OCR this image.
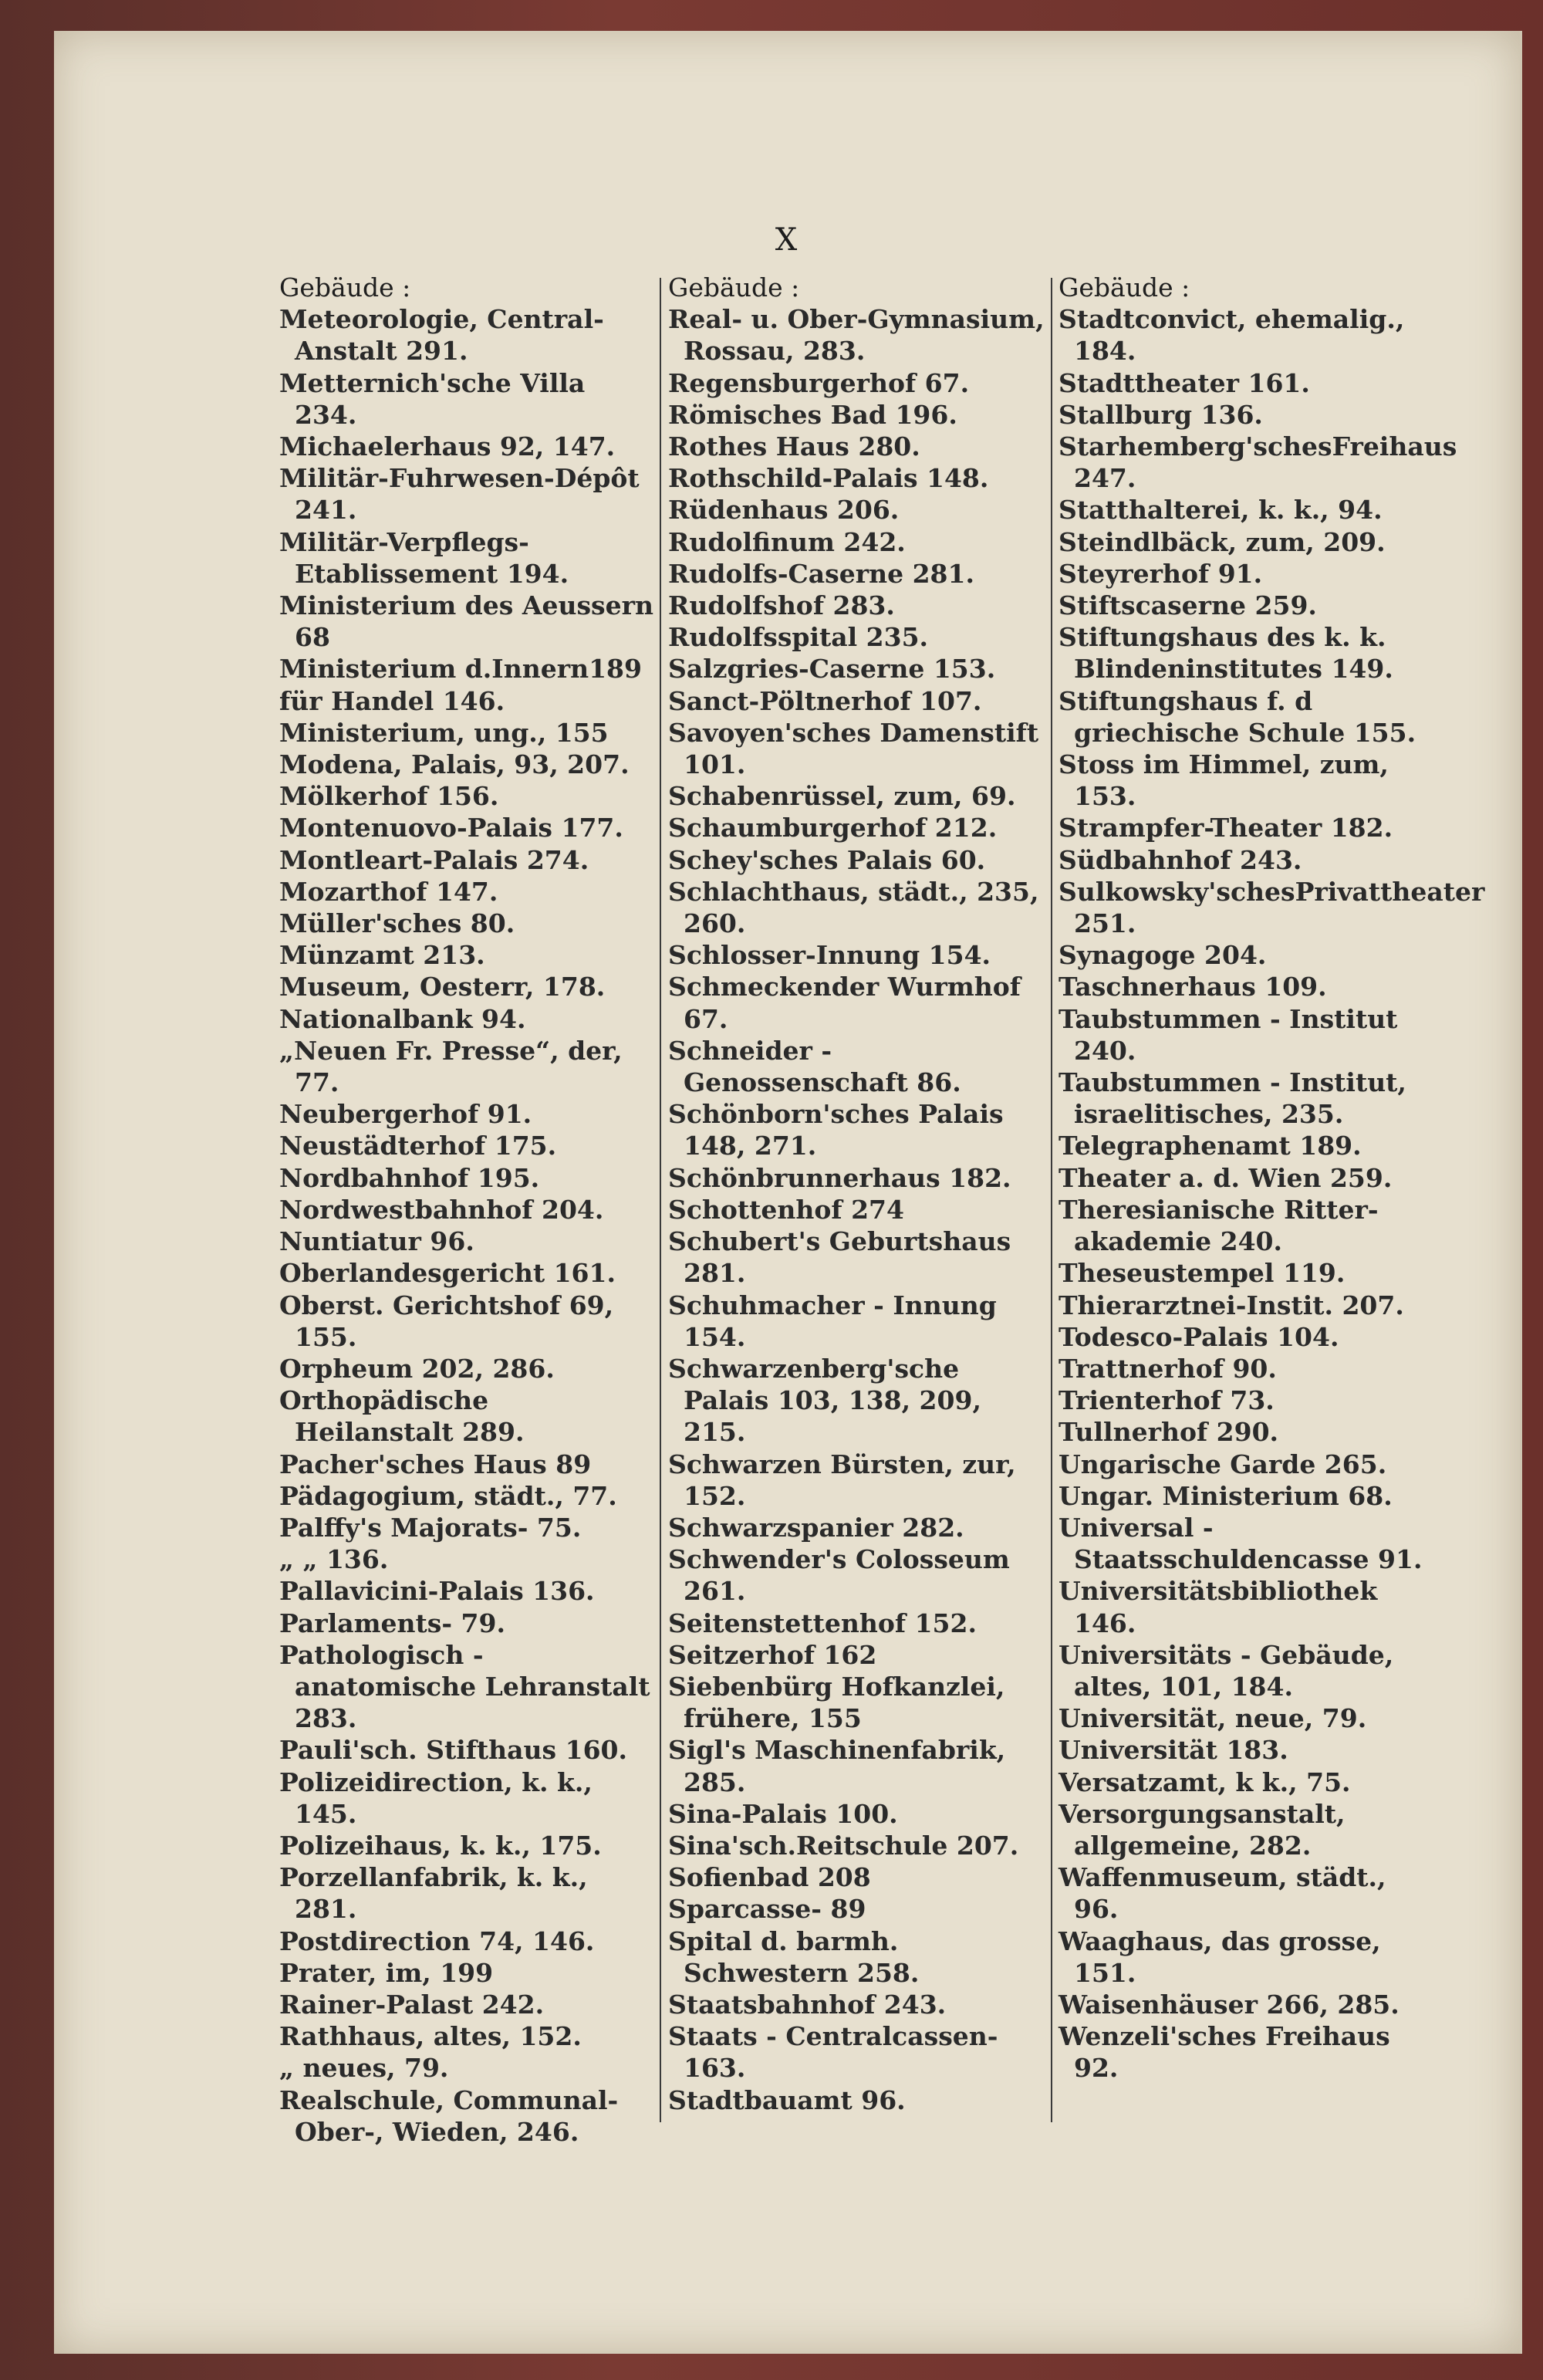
X
Gebäude :

Meteorologie, Central-Anstalt 291.

Metternich'sche Villa 234.

Michaelerhaus 92, 147.

Militär-Fuhrwesen-Dépôt 241.

Militär-Verpflegs-Etablissement 194.

Ministerium des Aeussern 68

Ministerium d.Innern189

für Handel 146.

Ministerium, ung., 155

Modena, Palais, 93, 207.

Mölkerhof 156.

Montenuovo-Palais 177.

Montleart-Palais 274.

Mozarthof 147.

Müller'sches 80.

Münzamt 213.

Museum, Oesterr, 178.

Nationalbank 94.

„Neuen Fr. Presse“, der, 77.

Neubergerhof 91.

Neustädterhof 175.

Nordbahnhof 195.

Nordwestbahnhof 204.

Nuntiatur 96.

Oberlandesgericht 161.

Oberst. Gerichtshof 69, 155.

Orpheum 202, 286.

Orthopädische Heilanstalt 289.

Pacher'sches Haus 89

Pädagogium, städt., 77.

Palffy's Majorats- 75.

„ „ 136.

Pallavicini-Palais 136.

Parlaments- 79.

Pathologisch - anatomische Lehranstalt 283.

Pauli'sch. Stifthaus 160.

Polizeidirection, k. k., 145.

Polizeihaus, k. k., 175.

Porzellanfabrik, k. k., 281.

Postdirection 74, 146.

Prater, im, 199

Rainer-Palast 242.

Rathhaus, altes, 152.

„ neues, 79.

Realschule, Communal-Ober-, Wieden, 246.

Gebäude :

Real- u. Ober-Gymnasium, Rossau, 283.

Regensburgerhof 67.

Römisches Bad 196.

Rothes Haus 280.

Rothschild-Palais 148.

Rüdenhaus 206.

Rudolfinum 242.

Rudolfs-Caserne 281.

Rudolfshof 283.

Rudolfsspital 235.

Salzgries-Caserne 153.

Sanct-Pöltnerhof 107.

Savoyen'sches Damenstift 101.

Schabenrüssel, zum, 69.

Schaumburgerhof 212.

Schey'sches Palais 60.

Schlachthaus, städt., 235, 260.

Schlosser-Innung 154.

Schmeckender Wurmhof 67.

Schneider - Genossenschaft 86.

Schönborn'sches Palais 148, 271.

Schönbrunnerhaus 182.

Schottenhof 274

Schubert's Geburtshaus 281.

Schuhmacher - Innung 154.

Schwarzenberg'sche Palais 103, 138, 209, 215.

Schwarzen Bürsten, zur, 152.

Schwarzspanier 282.

Schwender's Colosseum 261.

Seitenstettenhof 152.

Seitzerhof 162

Siebenbürg Hofkanzlei, frühere, 155

Sigl's Maschinenfabrik, 285.

Sina-Palais 100.

Sina'sch.Reitschule 207.

Sofienbad 208

Sparcasse- 89

Spital d. barmh. Schwestern 258.

Staatsbahnhof 243.

Staats - Centralcassen-163.

Stadtbauamt 96.

Gebäude :

Stadtconvict, ehemalig., 184.

Stadttheater 161.

Stallburg 136.

Starhemberg'schesFreihaus 247.

Statthalterei, k. k., 94.

Steindlbäck, zum, 209.

Steyrerhof 91.

Stiftscaserne 259.

Stiftungshaus des k. k. Blindeninstitutes 149.

Stiftungshaus f. d griechische Schule 155.

Stoss im Himmel, zum, 153.

Strampfer-Theater 182.

Südbahnhof 243.

Sulkowsky'schesPrivattheater 251.

Synagoge 204.

Taschnerhaus 109.

Taubstummen - Institut 240.

Taubstummen - Institut, israelitisches, 235.

Telegraphenamt 189.

Theater a. d. Wien 259.

Theresianische Ritter-akademie 240.

Theseustempel 119.

Thierarztnei-Instit. 207.

Todesco-Palais 104.

Trattnerhof 90.

Trienterhof 73.

Tullnerhof 290.

Ungarische Garde 265.

Ungar. Ministerium 68.

Universal - Staatsschuldencasse 91.

Universitätsbibliothek 146.

Universitäts - Gebäude, altes, 101, 184.

Universität, neue, 79.

Universität 183.

Versatzamt, k k., 75.

Versorgungsanstalt, allgemeine, 282.

Waffenmuseum, städt., 96.

Waaghaus, das grosse, 151.

Waisenhäuser 266, 285.

Wenzeli'sches Freihaus 92.
